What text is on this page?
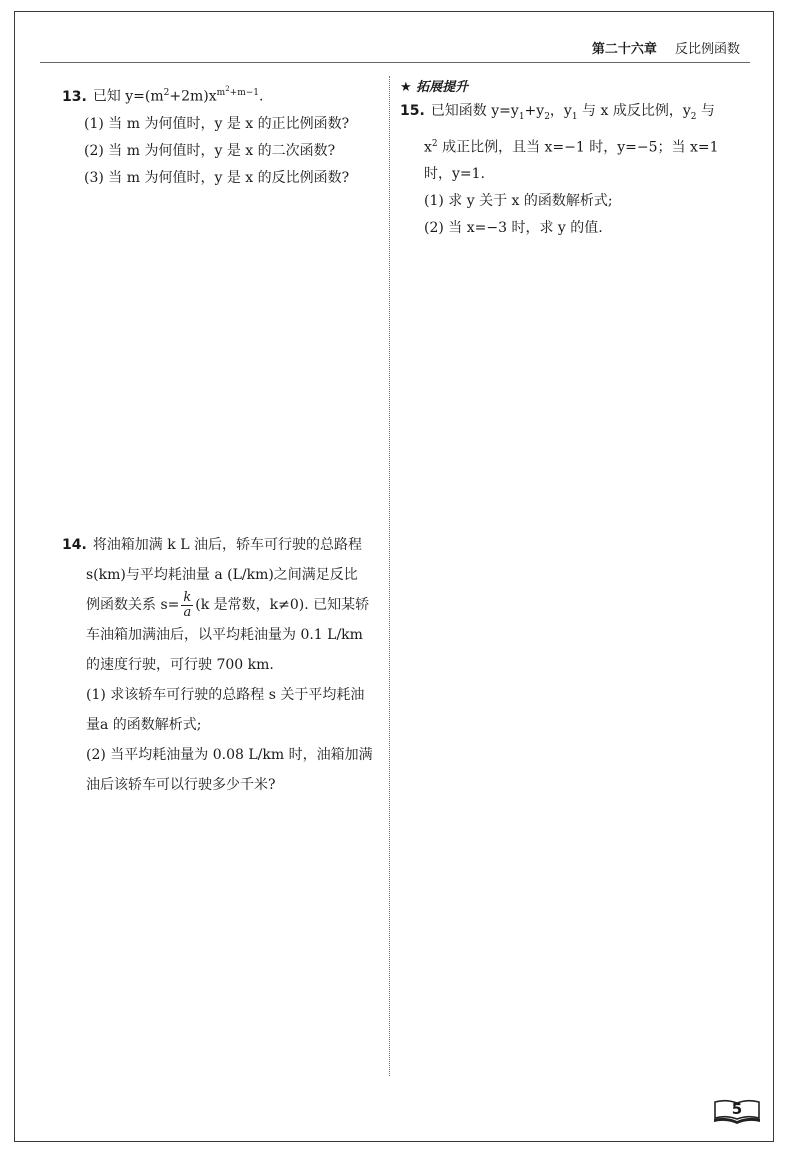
第二十六章 反比例函数
13. 已知 $y=(m^2+2m)x^{m^2+m-1}$.
(1) 当 m 为何值时，y 是 x 的正比例函数?
(2) 当 m 为何值时，y 是 x 的二次函数?
(3) 当 m 为何值时，y 是 x 的反比例函数?
★ 拓展提升
15. 已知函数 $y=y_1+y_2$，$y_1$ 与 x 成反比例，$y_2$ 与
$x^2$ 成正比例，且当 x=−1 时，y=−5；当 x=1
时，y=1.
(1) 求 y 关于 x 的函数解析式;
(2) 当 x=−3 时，求 y 的值.
14. 将油箱加满 k L 油后，轿车可行驶的总路程
s(km)与平均耗油量 a (L/km)之间满足反比
例函数关系 $s= \frac{k}{a} (k$ 是常数，k≠0). 已知某轿
车油箱加满油后，以平均耗油量为 0.1 L/km
的速度行驶，可行驶 700 km.
(1) 求该轿车可行驶的总路程 s 关于平均耗油
量a 的函数解析式;
(2) 当平均耗油量为 0.08 L/km 时，油箱加满
油后该轿车可以行驶多少千米?
5
